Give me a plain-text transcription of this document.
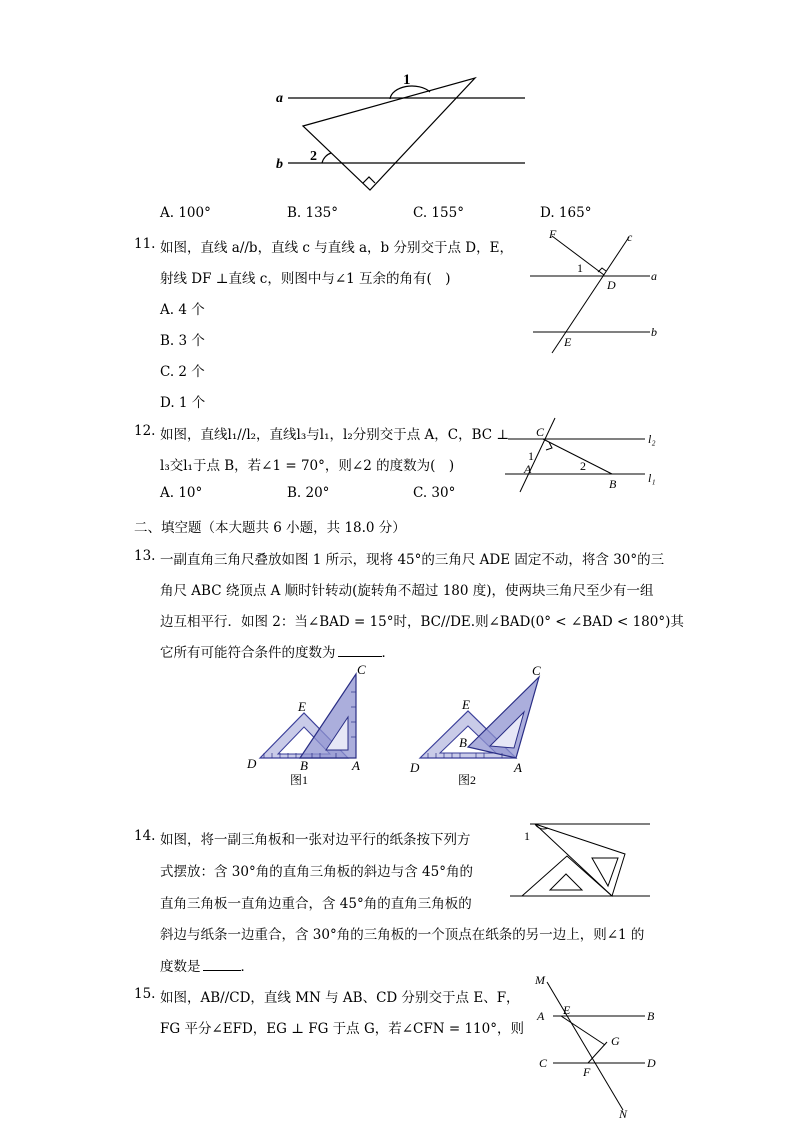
a
b
1
2
A. 100°	B. 135°	C. 155°	D. 165°
11. 如图，直线 a//b，直线 c 与直线 a，b 分别交于点 D，E，
射线 DF ⊥直线 c，则图中与∠1 互余的角有(　)
A. 4 个
B. 3 个
C. 2 个
D. 1 个
F	c
1
D
a
b
E
12. 如图，直线l₁//l₂，直线l₃与l₁，l₂分别交于点 A，C，BC ⊥
l₃交l₁于点 B，若∠1 = 70°，则∠2 的度数为(　)
A. 10°	B. 20°	C. 30°
C	l₂
1
A	2
B	l₁
二、填空题（本大题共 6 小题，共 18.0 分）
13. 一副直角三角尺叠放如图 1 所示，现将 45°的三角尺 ADE 固定不动，将含 30°的三
角尺 ABC 绕顶点 A 顺时针转动(旋转角不超过 180 度)，使两块三角尺至少有一组
边互相平行．如图 2：当∠BAD = 15°时，BC//DE.则∠BAD(0° < ∠BAD < 180°)其
它所有可能符合条件的度数为	．
C
E
D	B	A
图1
C
E
B
D	A
图2
14. 如图，将一副三角板和一张对边平行的纸条按下列方
式摆放：含 30°角的直角三角板的斜边与含 45°角的
直角三角板一直角边重合，含 45°角的直角三角板的
斜边与纸条一边重合，含 30°角的三角板的一个顶点在纸条的另一边上，则∠1 的
度数是	．
1
15. 如图，AB//CD，直线 MN 与 AB、CD 分别交于点 E、F，
FG 平分∠EFD，EG ⊥ FG 于点 G，若∠CFN = 110°，则
M
A E	B
G
C
F
D
N
